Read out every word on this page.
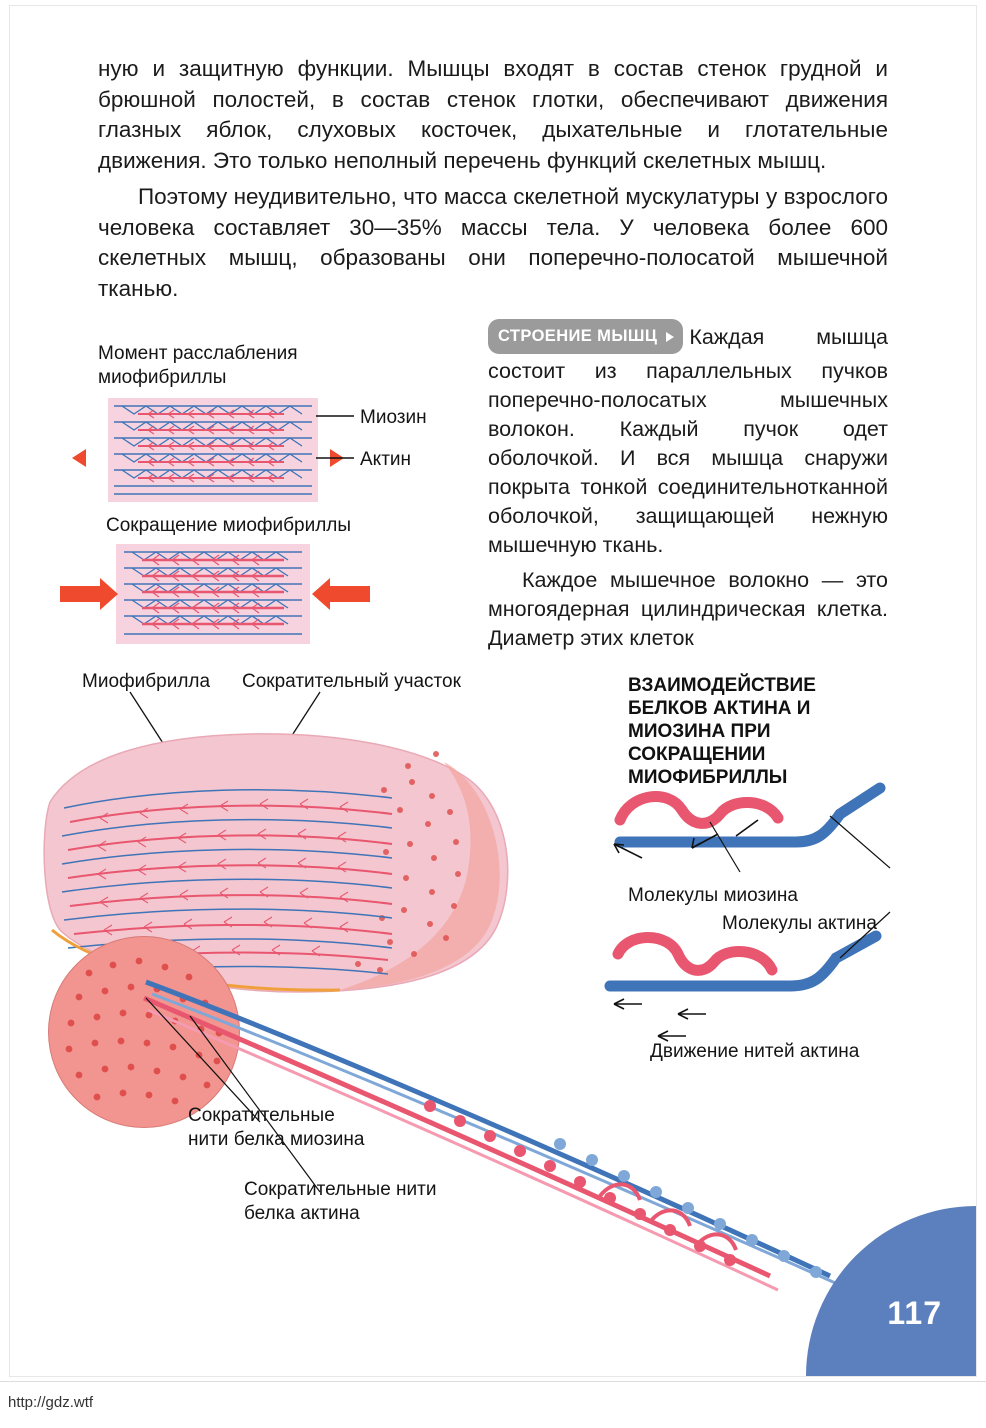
ную и защитную функции. Мышцы входят в состав стенок грудной и брюшной полостей, в состав стенок глотки, обеспечивают движения глазных яблок, слуховых косточек, дыхательные и глотательные движения. Это только неполный перечень функций скелетных мышц.

Поэтому неудивительно, что масса скелетной мускулатуры у взрослого человека составляет 30—35% массы тела. У человека более 600 скелетных мышц, образованы они поперечно-полосатой мышечной тканью.

СТРОЕНИЕ МЫШЦ Каждая мышца состоит из параллельных пучков поперечно-полосатых мышечных волокон. Каждый пучок одет оболочкой. И вся мышца снаружи покрыта тонкой соединительнотканной оболочкой, защищающей нежную мышечную ткань.

Каждое мышечное волокно — это многоядерная цилиндрическая клетка. Диаметр этих клеток

Момент расслабления
миофибриллы
Миозин
Актин
Сокращение миофибриллы
Миофибрилла Сократительный участок
Сократительные
нити белка миозина
Сократительные нити
белка актина
ВЗАИМОДЕЙСТВИЕ БЕЛКОВ АКТИНА И МИОЗИНА ПРИ СОКРАЩЕНИИ МИОФИБРИЛЛЫ
Молекулы миозина
Молекулы актина
Движение нитей актина
117
http://gdz.wtf
